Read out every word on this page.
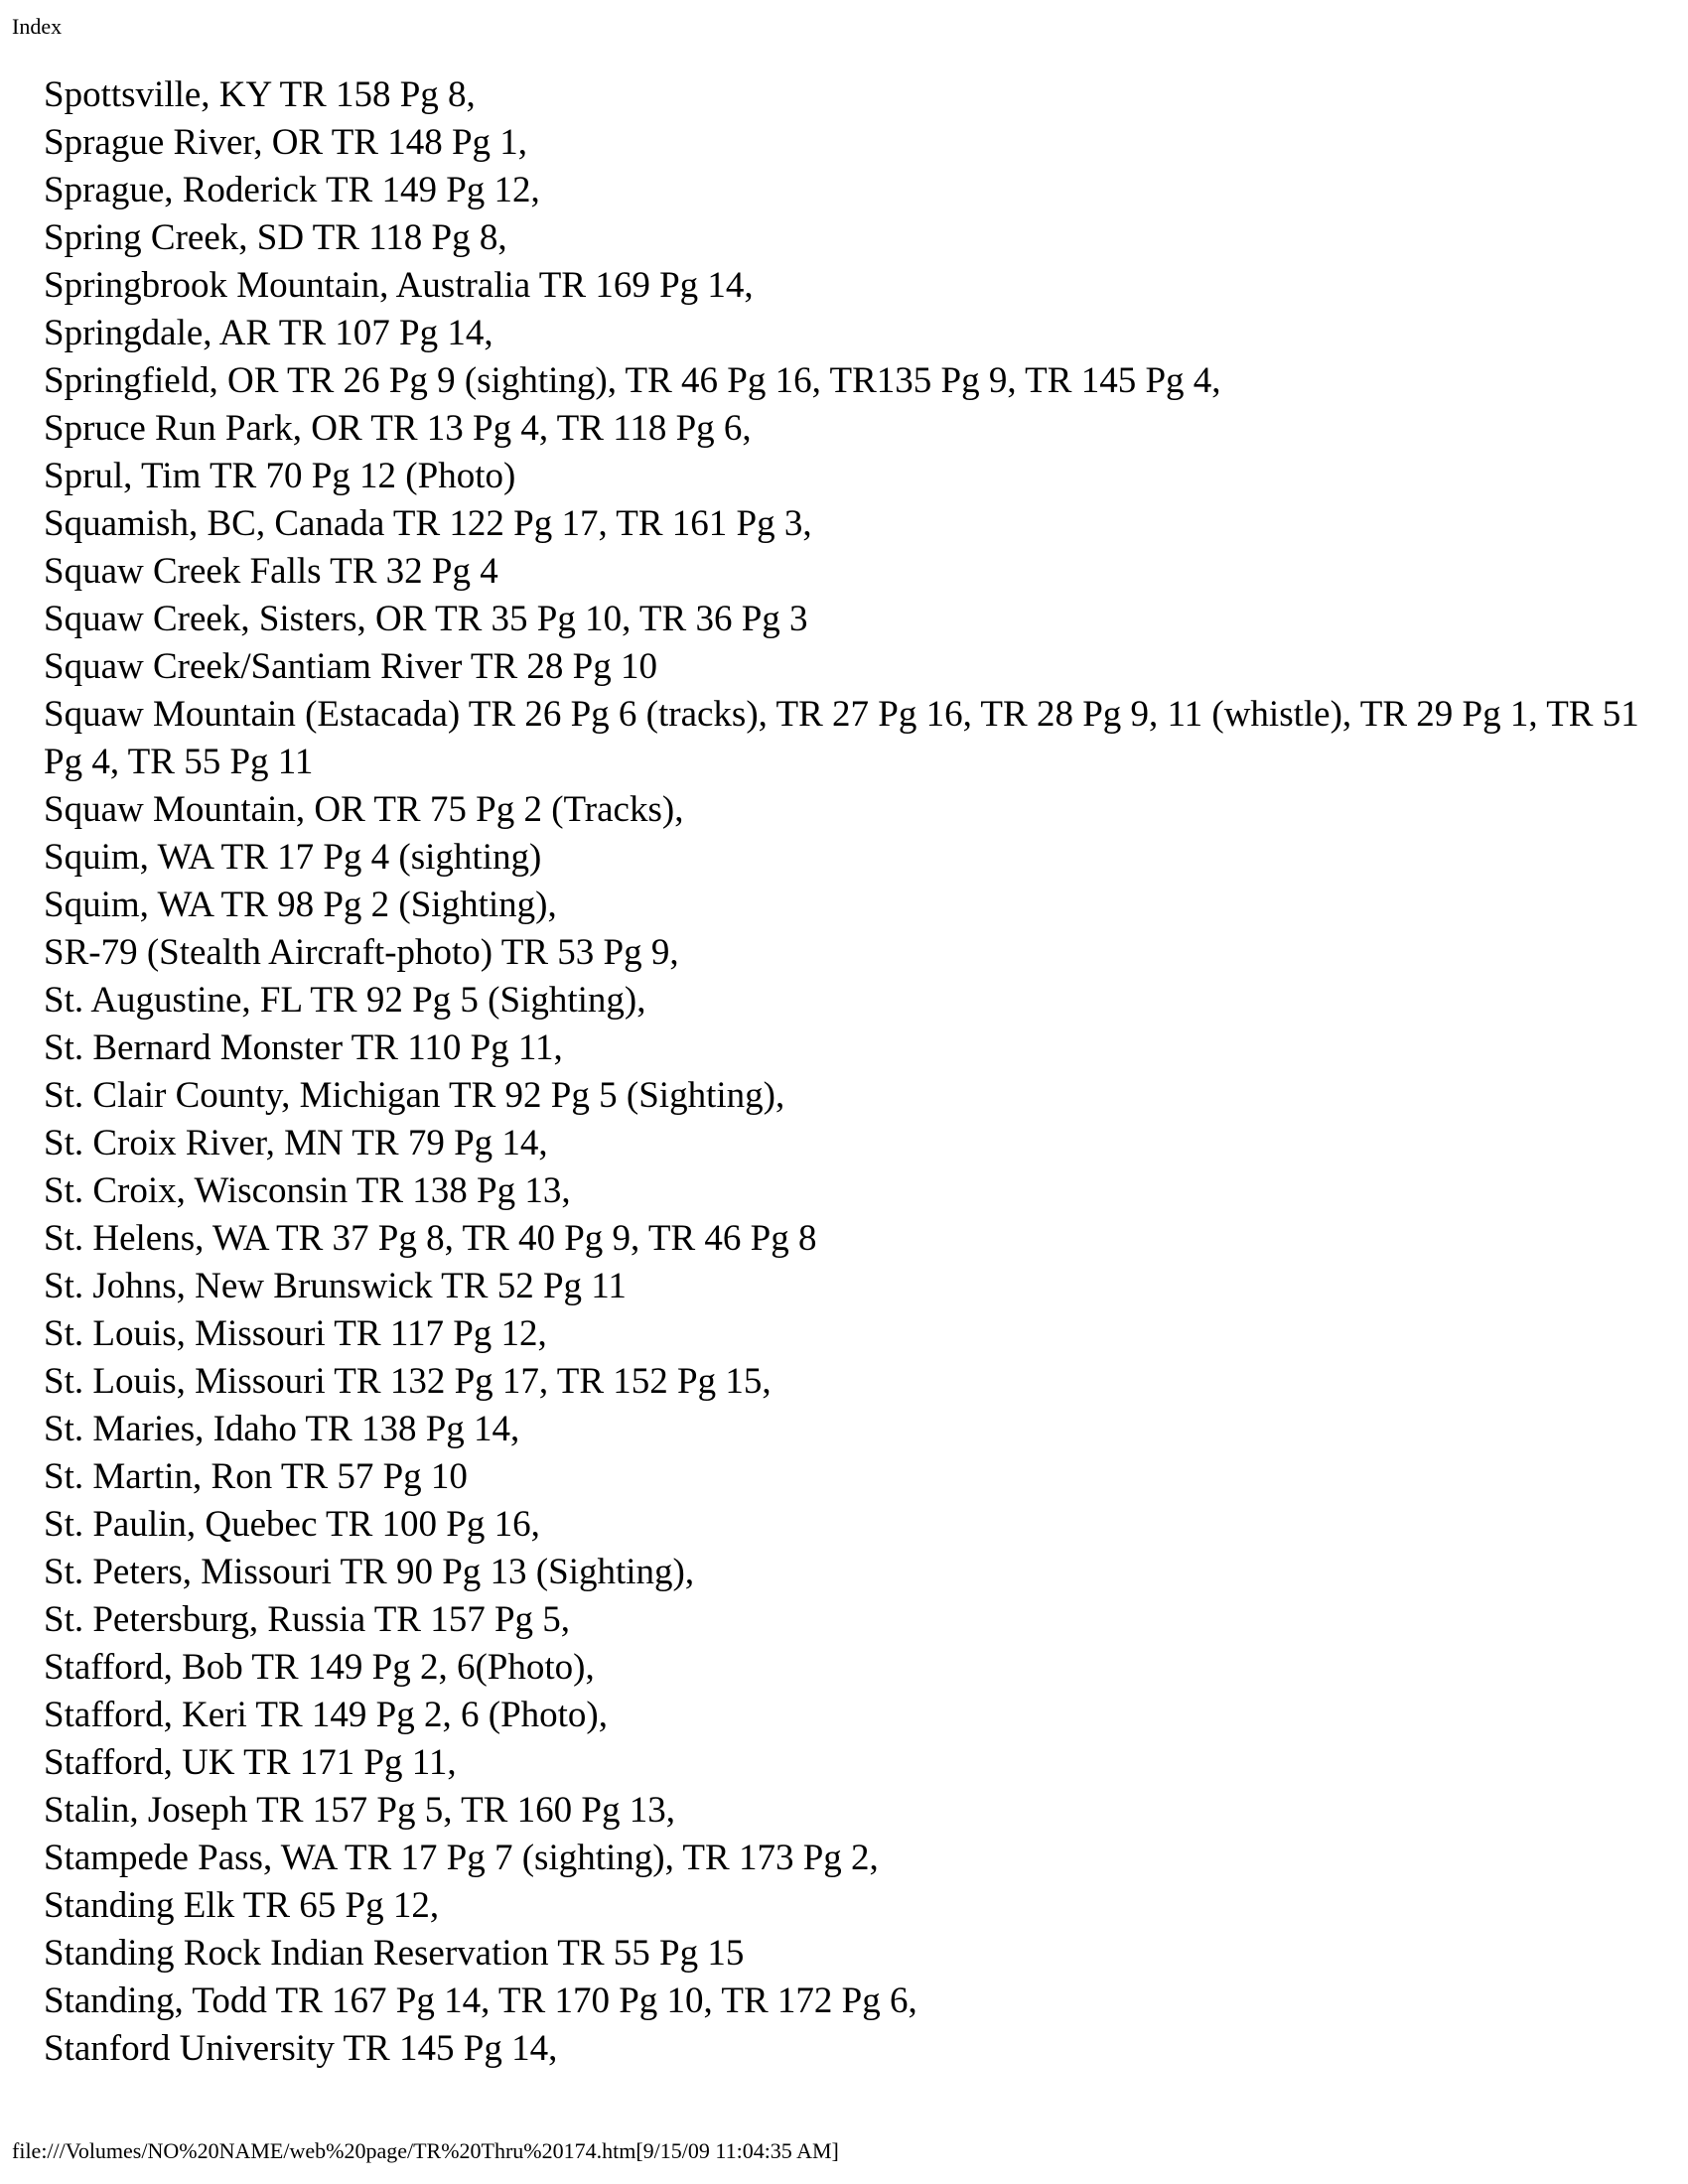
Index
Spottsville, KY TR 158 Pg 8,
Sprague River, OR TR 148 Pg 1,
Sprague, Roderick TR 149 Pg 12,
Spring Creek, SD TR 118 Pg 8,
Springbrook Mountain, Australia TR 169 Pg 14,
Springdale, AR TR 107 Pg 14,
Springfield, OR TR 26 Pg 9 (sighting), TR 46 Pg 16, TR135 Pg 9, TR 145 Pg 4,
Spruce Run Park, OR TR 13 Pg 4, TR 118 Pg 6,
Sprul, Tim TR 70 Pg 12 (Photo)
Squamish, BC, Canada TR 122 Pg 17, TR 161 Pg 3,
Squaw Creek Falls TR 32 Pg 4
Squaw Creek, Sisters, OR TR 35 Pg 10, TR 36 Pg 3
Squaw Creek/Santiam River TR 28 Pg 10
Squaw Mountain (Estacada) TR 26 Pg 6 (tracks), TR 27 Pg 16, TR 28 Pg 9, 11 (whistle), TR 29 Pg 1, TR 51 Pg 4, TR 55 Pg 11
Squaw Mountain, OR TR 75 Pg 2 (Tracks),
Squim, WA TR 17 Pg 4 (sighting)
Squim, WA TR 98 Pg 2 (Sighting),
SR-79 (Stealth Aircraft-photo) TR 53 Pg 9,
St. Augustine, FL TR 92 Pg 5 (Sighting),
St. Bernard Monster TR 110 Pg 11,
St. Clair County, Michigan TR 92 Pg 5 (Sighting),
St. Croix River, MN TR 79 Pg 14,
St. Croix, Wisconsin TR 138 Pg 13,
St. Helens, WA TR 37 Pg 8, TR 40 Pg 9, TR 46 Pg 8
St. Johns, New Brunswick TR 52 Pg 11
St. Louis, Missouri TR 117 Pg 12,
St. Louis, Missouri TR 132 Pg 17, TR 152 Pg 15,
St. Maries, Idaho TR 138 Pg 14,
St. Martin, Ron TR 57 Pg 10
St. Paulin, Quebec TR 100 Pg 16,
St. Peters, Missouri TR 90 Pg 13 (Sighting),
St. Petersburg, Russia TR 157 Pg 5,
Stafford, Bob TR 149 Pg 2, 6(Photo),
Stafford, Keri TR 149 Pg 2, 6 (Photo),
Stafford, UK TR 171 Pg 11,
Stalin, Joseph TR 157 Pg 5, TR 160 Pg 13,
Stampede Pass, WA TR 17 Pg 7 (sighting), TR 173 Pg 2,
Standing Elk TR 65 Pg 12,
Standing Rock Indian Reservation TR 55 Pg 15
Standing, Todd TR 167 Pg 14, TR 170 Pg 10, TR 172 Pg 6,
Stanford University TR 145 Pg 14,
file:///Volumes/NO%20NAME/web%20page/TR%20Thru%20174.htm[9/15/09 11:04:35 AM]
